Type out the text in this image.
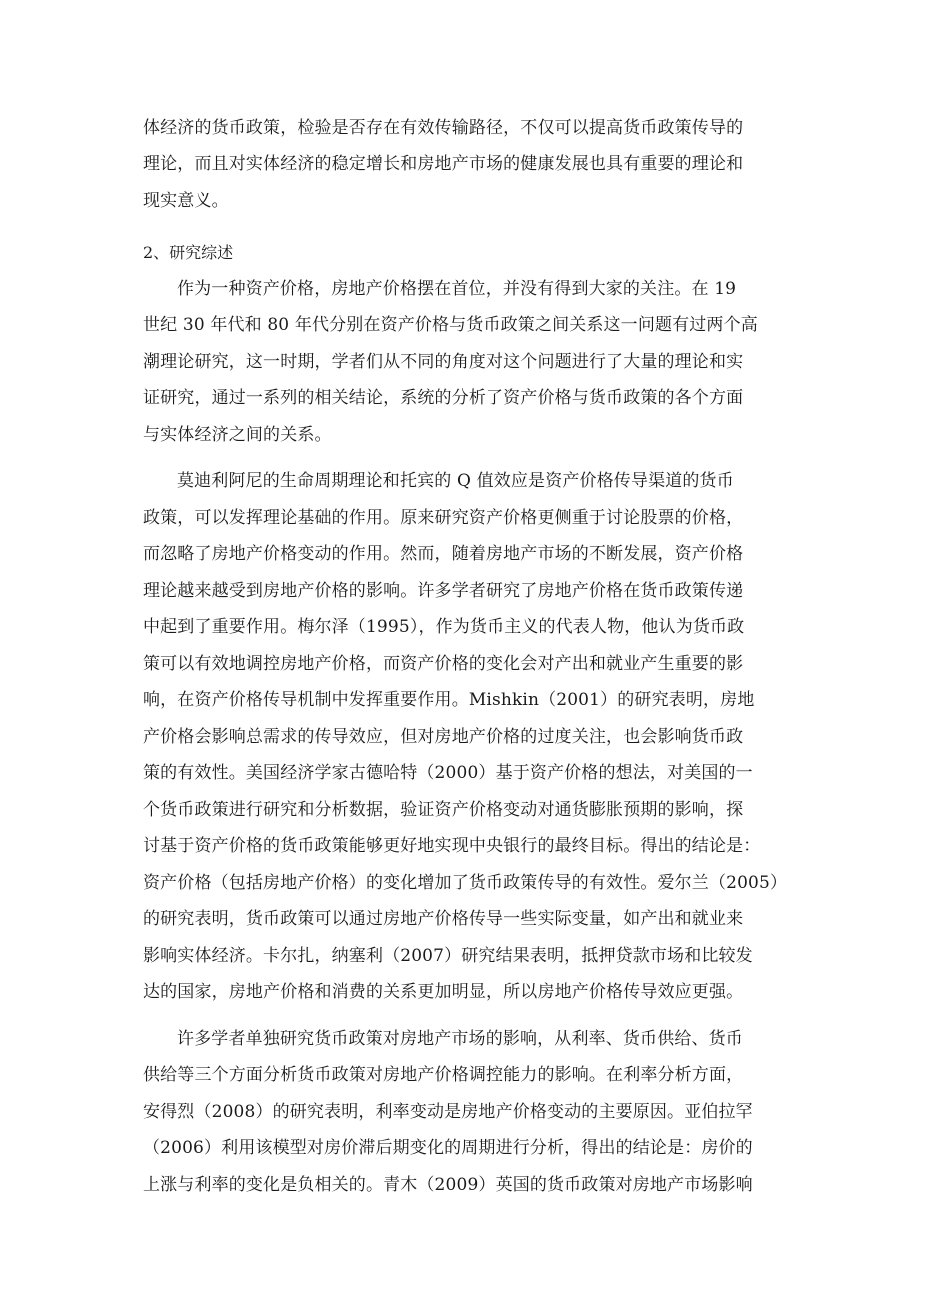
体经济的货币政策，检验是否存在有效传输路径，不仅可以提高货币政策传导的
理论，而且对实体经济的稳定增长和房地产市场的健康发展也具有重要的理论和
现实意义。
2、研究综述
作为一种资产价格，房地产价格摆在首位，并没有得到大家的关注。在 19
世纪 30 年代和 80 年代分别在资产价格与货币政策之间关系这一问题有过两个高
潮理论研究，这一时期，学者们从不同的角度对这个问题进行了大量的理论和实
证研究，通过一系列的相关结论，系统的分析了资产价格与货币政策的各个方面
与实体经济之间的关系。
莫迪利阿尼的生命周期理论和托宾的 Q 值效应是资产价格传导渠道的货币
政策，可以发挥理论基础的作用。原来研究资产价格更侧重于讨论股票的价格，
而忽略了房地产价格变动的作用。然而，随着房地产市场的不断发展，资产价格
理论越来越受到房地产价格的影响。许多学者研究了房地产价格在货币政策传递
中起到了重要作用。梅尔泽（1995），作为货币主义的代表人物，他认为货币政
策可以有效地调控房地产价格，而资产价格的变化会对产出和就业产生重要的影
响，在资产价格传导机制中发挥重要作用。Mishkin（2001）的研究表明，房地
产价格会影响总需求的传导效应，但对房地产价格的过度关注，也会影响货币政
策的有效性。美国经济学家古德哈特（2000）基于资产价格的想法，对美国的一
个货币政策进行研究和分析数据，验证资产价格变动对通货膨胀预期的影响，探
讨基于资产价格的货币政策能够更好地实现中央银行的最终目标。得出的结论是：
资产价格（包括房地产价格）的变化增加了货币政策传导的有效性。爱尔兰（2005）
的研究表明，货币政策可以通过房地产价格传导一些实际变量，如产出和就业来
影响实体经济。卡尔扎，纳塞利（2007）研究结果表明，抵押贷款市场和比较发
达的国家，房地产价格和消费的关系更加明显，所以房地产价格传导效应更强。
许多学者单独研究货币政策对房地产市场的影响，从利率、货币供给、货币
供给等三个方面分析货币政策对房地产价格调控能力的影响。在利率分析方面，
安得烈（2008）的研究表明，利率变动是房地产价格变动的主要原因。亚伯拉罕
（2006）利用该模型对房价滞后期变化的周期进行分析，得出的结论是：房价的
上涨与利率的变化是负相关的。青木（2009）英国的货币政策对房地产市场影响
